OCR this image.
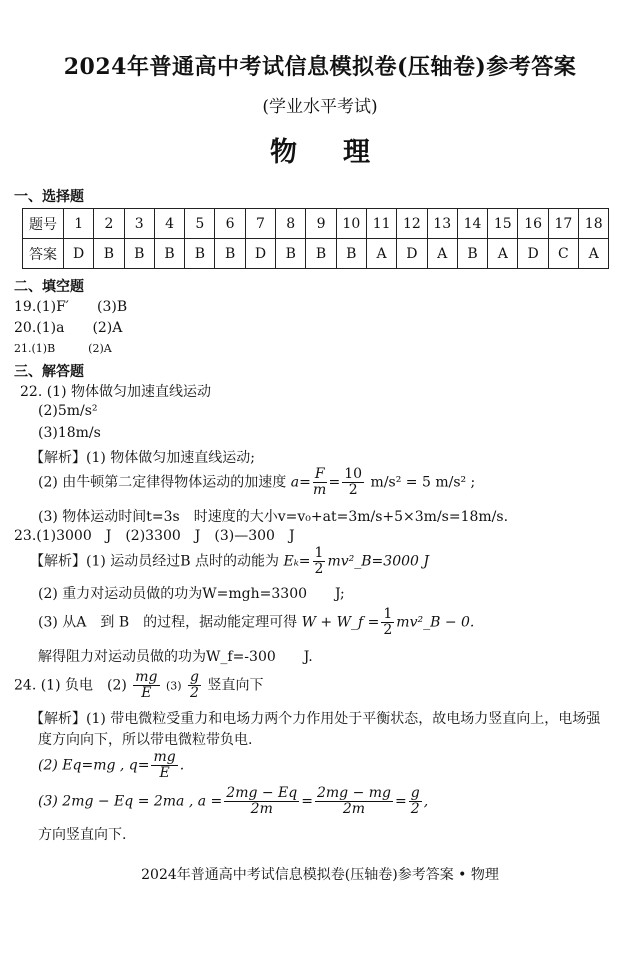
2024年普通高中考试信息模拟卷(压轴卷)参考答案
(学业水平考试)
物理
一、选择题
题号	1	2	3	4	5	6	7	8	9	10	11	12	13	14	15	16	17	18
答案	D	B	B	B	B	B	D	B	B	B	A	D	A	B	A	D	C	A
二、填空题
19.(1)F′　　(3)B
20.(1)a　　(2)A
21.(1)B　　　(2)A
三、解答题
22. (1) 物体做匀加速直线运动
(2)5m/s²
(3)18m/s
【解析】(1) 物体做匀加速直线运动;
(2) 由牛顿第二定律得物体运动的加速度 $a= \frac{F}{m} = \frac{10}{2} m/s^2 = 5$ m/s² ;
(3) 物体运动时间t=3s　时速度的大小v=v₀+at=3m/s+5×3m/s=18m/s.
23.(1)3000　J　(2)3300　J　(3)—300　J
【解析】(1) 运动员经过B 点时的动能为 $E_k= \frac{1}{2}$ mv²_B=3000 J
(2) 重力对运动员做的功为W=mgh=3300　　J;
(3) 从A　到 B　的过程，据动能定理可得 W + W_f = $\frac{1}{2}$ mv²_B − 0.
解得阻力对运动员做的功为W_f=-300　　J.
24. (1) 负电　$(2) \frac{mg}{E} (3) \frac{g}{2}$ 竖直向下
【解析】(1) 带电微粒受重力和电场力两个力作用处于平衡状态，故电场力竖直向上，电场强
度方向向下，所以带电微粒带负电.
(2) Eq=mg , $q= \frac{mg}{E}$ .
(3) 2mg − Eq = 2ma , $a = \frac{2mg - Eq}{2m} = \frac{2mg - mg}{2m} = \frac{g}{2}$ ,
方向竖直向下.
2024年普通高中考试信息模拟卷(压轴卷)参考答案 • 物理
